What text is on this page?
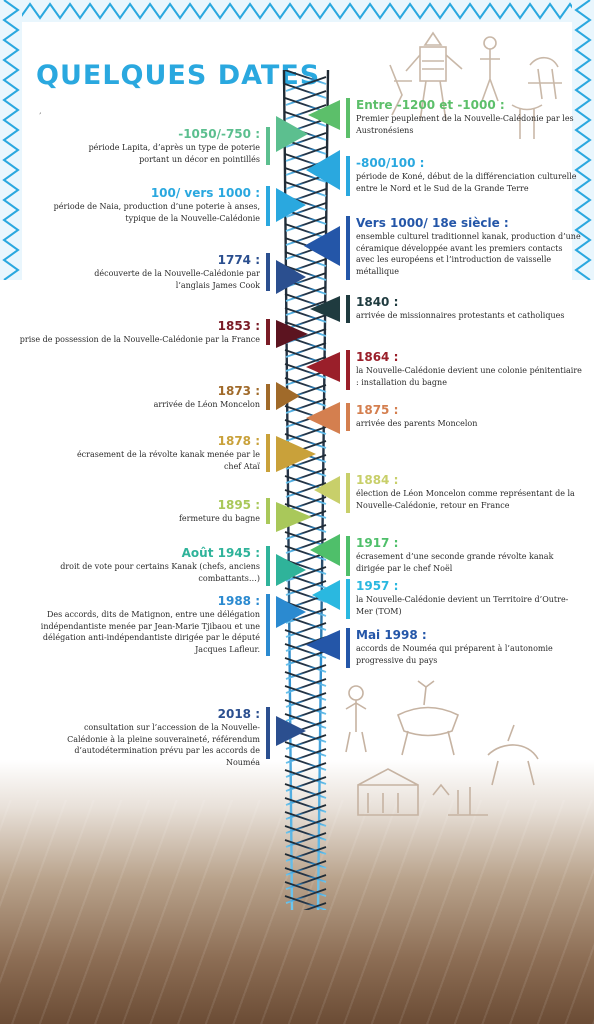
QUELQUES DATES
’
-1050/-750 :
période Lapita, d’après un type de poterie portant un décor en pointillés
100/ vers 1000 :
période de Naia, production d’une poterie à anses, typique de la Nouvelle-Calédonie
1774 :
découverte de la Nouvelle-Calédonie par l’anglais James Cook
1853 :
prise de possession de la Nouvelle-Calédonie par la France
1873 :
arrivée de Léon Moncelon
1878 :
écrasement de la révolte kanak menée par le chef Ataï
1895 :
fermeture du bagne
Août 1945 :
droit de vote pour certains Kanak (chefs, anciens combattants…)
1988 :
Des accords, dits de Matignon, entre une délégation indépendantiste menée par Jean-Marie Tjibaou et une délégation anti-indépendantiste dirigée par le député Jacques Lafleur.
2018 :
consultation sur l’accession de la Nouvelle-Calédonie à la pleine souveraineté, référendum d’autodétermination prévu par les accords de Nouméa
Entre -1200 et -1000 :
Premier peuplement de la Nouvelle-Calédonie par les Austronésiens
-800/100 :
période de Koné, début de la différenciation culturelle entre le Nord et le Sud de la Grande Terre
Vers 1000/ 18e siècle :
ensemble culturel traditionnel kanak, production d’une céramique développée avant les premiers contacts avec les européens et l’introduction de vaisselle métallique
1840 :
arrivée de missionnaires protestants et catholiques
1864 :
la Nouvelle-Calédonie devient une colonie pénitentiaire : installation du bagne
1875 :
arrivée des parents Moncelon
1884 :
élection de Léon Moncelon comme représentant de la Nouvelle-Calédonie, retour en France
1917 :
écrasement d’une seconde grande révolte kanak dirigée par le chef Noël
1957 :
la Nouvelle-Calédonie devient un Territoire d’Outre-Mer (TOM)
Mai 1998 :
accords de Nouméa qui préparent à l’autonomie progressive du pays
